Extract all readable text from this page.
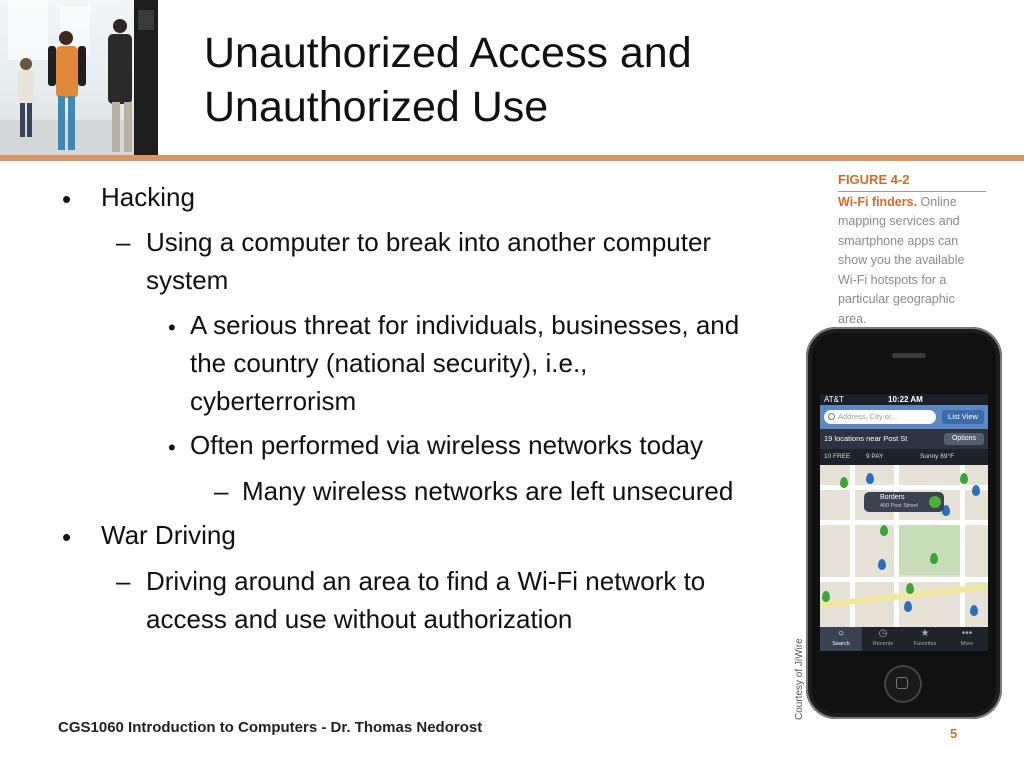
Unauthorized Access and
Unauthorized Use
• Hacking
– Using a computer to break into another computer
system
• A serious threat for individuals, businesses, and
the country (national security), i.e.,
cyberterrorism
• Often performed via wireless networks today
– Many wireless networks are left unsecured
• War Driving
– Driving around an area to find a Wi-Fi network to
access and use without authorization
FIGURE 4-2
Wi-Fi finders. Online
mapping services and
smartphone apps can
show you the available
Wi-Fi hotspots for a
particular geographic
area.
Courtesy of JiWire
AT&T	10:22 AM
Address, City or...	List View
19 locations near Post St	Options
10 FREE 9 PAY	Sunny 69°F
Borders
400 Post Street
○
Search
◷
Recents
★
Favorites
•••
More
CGS1060 Introduction to Computers - Dr. Thomas Nedorost	5
